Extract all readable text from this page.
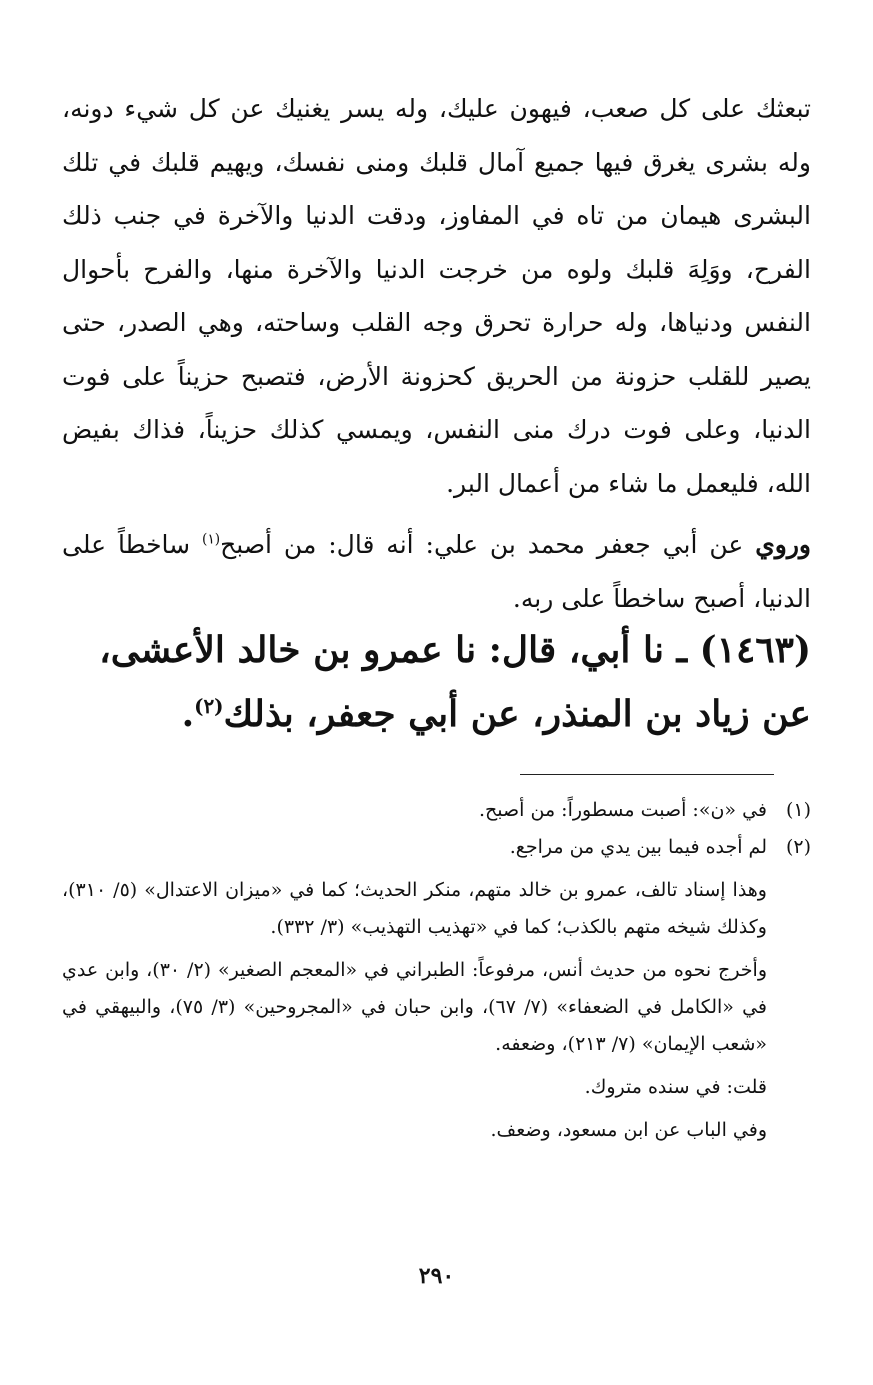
تبعثك على كل صعب، فيهون عليك، وله يسر يغنيك عن كل شيء دونه، وله بشرى يغرق فيها جميع آمال قلبك ومنى نفسك، ويهيم قلبك في تلك البشرى هيمان من تاه في المفاوز، ودقت الدنيا والآخرة في جنب ذلك الفرح، ووَلِهَ قلبك ولوه من خرجت الدنيا والآخرة منها، والفرح بأحوال النفس ودنياها، وله حرارة تحرق وجه القلب وساحته، وهي الصدر، حتى يصير للقلب حزونة من الحريق كحزونة الأرض، فتصبح حزيناً على فوت الدنيا، وعلى فوت درك منى النفس، ويمسي كذلك حزيناً، فذاك بفيض الله، فليعمل ما شاء من أعمال البر.

وروي عن أبي جعفر محمد بن علي: أنه قال: من أصبح$^{(١)}$ ساخطاً على الدنيا، أصبح ساخطاً على ربه.

(١٤٦٣) ـ نا أبي، قال: نا عمرو بن خالد الأعشى، عن زياد بن المنذر، عن أبي جعفر، بذلك$^{(٢)}$.
(١)
في «ن»: أصبت مسطوراً: من أصبح.
(٢)
لم أجده فيما بين يدي من مراجع.
وهذا إسناد تالف، عمرو بن خالد متهم، منكر الحديث؛ كما في «ميزان الاعتدال» (٥/ ٣١٠)، وكذلك شيخه متهم بالكذب؛ كما في «تهذيب التهذيب» (٣/ ٣٣٢).
وأخرج نحوه من حديث أنس، مرفوعاً: الطبراني في «المعجم الصغير» (٢/ ٣٠)، وابن عدي في «الكامل في الضعفاء» (٧/ ٦٧)، وابن حبان في «المجروحين» (٣/ ٧٥)، والبيهقي في «شعب الإيمان» (٧/ ٢١٣)، وضعفه.
قلت: في سنده متروك.
وفي الباب عن ابن مسعود، وضعف.
٢٩٠
